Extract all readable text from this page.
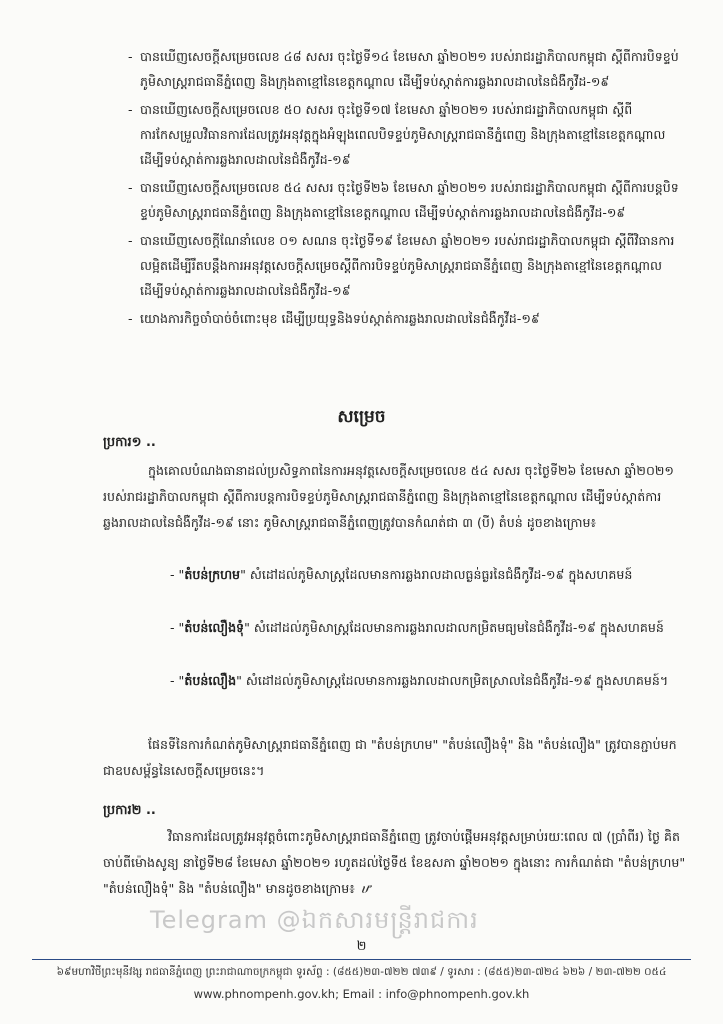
- បានឃើញសេចក្តីសម្រេចលេខ ៤៨ សសរ ចុះថ្ងៃទី១៤ ខែមេសា ឆ្នាំ២០២១ របស់រាជរដ្ឋាភិបាលកម្ពុជា ស្តីពីការបិទខ្ទប់ភូមិសាស្ត្ររាជធានីភ្នំពេញ និងក្រុងតាខ្មៅនៃខេត្តកណ្តាល ដើម្បីទប់ស្កាត់ការឆ្លងរាលដាលនៃជំងឺកូវីដ-១៩
- បានឃើញសេចក្តីសម្រេចលេខ ៥០ សសរ ចុះថ្ងៃទី១៧ ខែមេសា ឆ្នាំ២០២១ របស់រាជរដ្ឋាភិបាលកម្ពុជា ស្តីពីការកែសម្រួលវិធានការដែលត្រូវអនុវត្តក្នុងអំឡុងពេលបិទខ្ទប់ភូមិសាស្ត្ររាជធានីភ្នំពេញ និងក្រុងតាខ្មៅនៃខេត្តកណ្តាល ដើម្បីទប់ស្កាត់ការឆ្លងរាលដាលនៃជំងឺកូវីដ-១៩
- បានឃើញសេចក្តីសម្រេចលេខ ៥៤ សសរ ចុះថ្ងៃទី២៦ ខែមេសា ឆ្នាំ២០២១ របស់រាជរដ្ឋាភិបាលកម្ពុជា ស្តីពីការបន្តបិទខ្ទប់ភូមិសាស្ត្ររាជធានីភ្នំពេញ និងក្រុងតាខ្មៅនៃខេត្តកណ្តាល ដើម្បីទប់ស្កាត់ការឆ្លងរាលដាលនៃជំងឺកូវីដ-១៩
- បានឃើញសេចក្តីណែនាំលេខ ០១ សណន ចុះថ្ងៃទី១៩ ខែមេសា ឆ្នាំ២០២១ របស់រាជរដ្ឋាភិបាលកម្ពុជា ស្តីពីវិធានការលម្អិតដើម្បីរឹតបន្តឹងការអនុវត្តសេចក្តីសម្រេចស្តីពីការបិទខ្ទប់ភូមិសាស្ត្ររាជធានីភ្នំពេញ និងក្រុងតាខ្មៅនៃខេត្តកណ្តាល ដើម្បីទប់ស្កាត់ការឆ្លងរាលដាលនៃជំងឺកូវីដ-១៩
- យោងភារកិច្ចចាំបាច់ចំពោះមុខ ដើម្បីប្រយុទ្ធនិងទប់ស្កាត់ការឆ្លងរាលដាលនៃជំងឺកូវីដ-១៩
សម្រេច
ប្រការ១ ..
ក្នុងគោលបំណងធានាដល់ប្រសិទ្ធភាពនៃការអនុវត្តសេចក្តីសម្រេចលេខ ៥៤ សសរ ចុះថ្ងៃទី២៦ ខែមេសា ឆ្នាំ២០២១ របស់រាជរដ្ឋាភិបាលកម្ពុជា ស្តីពីការបន្តការបិទខ្ទប់ភូមិសាស្ត្ររាជធានីភ្នំពេញ និងក្រុងតាខ្មៅនៃខេត្តកណ្តាល ដើម្បីទប់ស្កាត់ការឆ្លងរាលដាលនៃជំងឺកូវីដ-១៩ នោះ ភូមិសាស្ត្ររាជធានីភ្នំពេញត្រូវបានកំណត់ជា ៣ (បី) តំបន់ ដូចខាងក្រោម៖
- "តំបន់ក្រហម" សំដៅដល់ភូមិសាស្ត្រដែលមានការឆ្លងរាលដាលធ្ងន់ធ្ងរនៃជំងឺកូវីដ-១៩ ក្នុងសហគមន៍
- "តំបន់លឿងទុំ" សំដៅដល់ភូមិសាស្ត្រដែលមានការឆ្លងរាលដាលកម្រិតមធ្យមនៃជំងឺកូវីដ-១៩ ក្នុងសហគមន៍
- "តំបន់លឿង" សំដៅដល់ភូមិសាស្ត្រដែលមានការឆ្លងរាលដាលកម្រិតស្រាលនៃជំងឺកូវីដ-១៩ ក្នុងសហគមន៍។
ផែនទីនៃការកំណត់ភូមិសាស្ត្ររាជធានីភ្នំពេញ ជា "តំបន់ក្រហម" "តំបន់លឿងទុំ" និង "តំបន់លឿង" ត្រូវបានភ្ជាប់មកជាឧបសម្ព័ន្ធនៃសេចក្តីសម្រេចនេះ។
ប្រការ២ ..
វិធានការដែលត្រូវអនុវត្តចំពោះភូមិសាស្ត្ររាជធានីភ្នំពេញ ត្រូវចាប់ផ្តើមអនុវត្តសម្រាប់រយៈពេល ៧ (ប្រាំពីរ) ថ្ងៃ គិតចាប់ពីម៉ោងសូន្យ នាថ្ងៃទី២៨ ខែមេសា ឆ្នាំ២០២១ រហូតដល់ថ្ងៃទី៥ ខែឧសភា ឆ្នាំ២០២១ ក្នុងនោះ ការកំណត់ជា "តំបន់ក្រហម" "តំបន់លឿងទុំ" និង "តំបន់លឿង" មានដូចខាងក្រោម៖ ሆ
Telegram @ឯកសារមន្ត្រីរាជការ
២
៦៩មហាវិថីព្រះមុនីវង្ស រាជធានីភ្នំពេញ ព្រះរាជាណាចក្រកម្ពុជា ទូរស័ព្ទ : (៨៥៥)២៣-៧២២ ៧៣៩ / ទូរសារ : (៨៥៥)២៣-៧២៤ ៦២៦ / ២៣-៧២២ ០៥៤
www.phnompenh.gov.kh; Email : info@phnompenh.gov.kh
